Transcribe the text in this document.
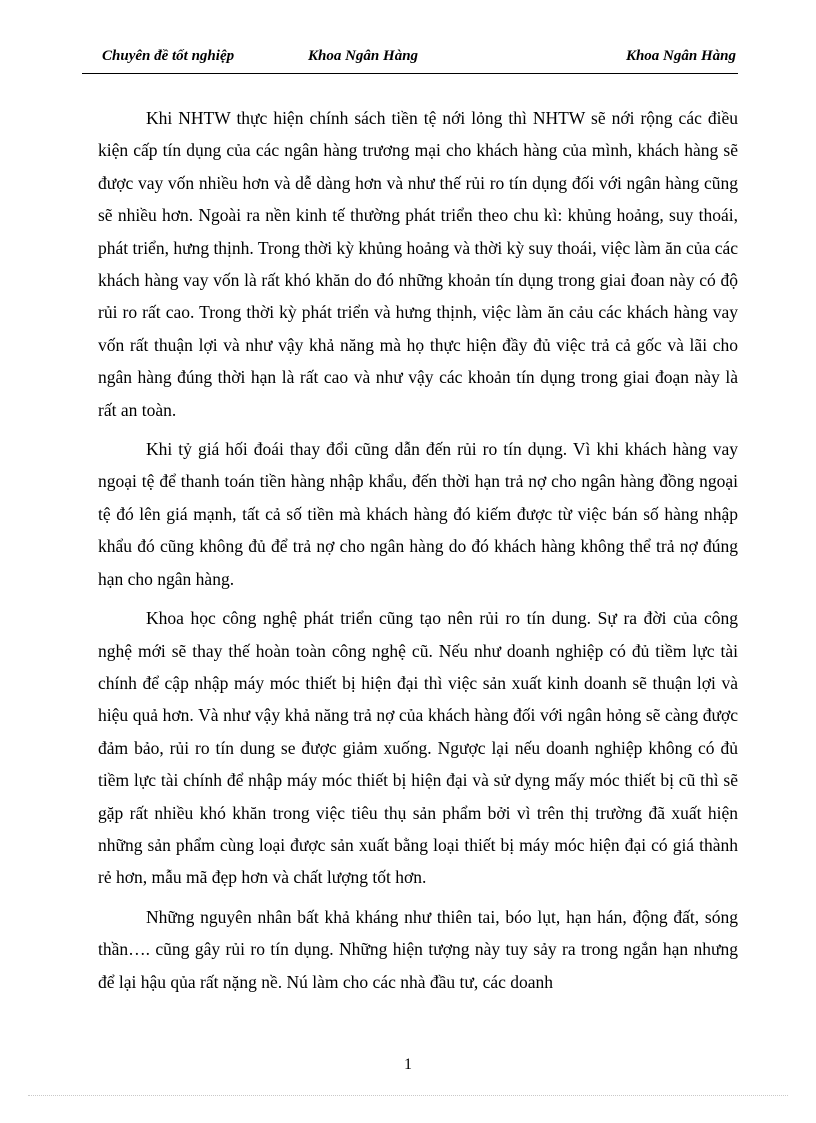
Chuyên đề tốt nghiệp	Khoa Ngân Hàng	Khoa Ngân Hàng

Khi NHTW thực hiện chính sách tiền tệ nới lỏng thì NHTW sẽ nới rộng các điều kiện cấp tín dụng của các ngân hàng trương mại cho khách hàng của mình, khách hàng sẽ được vay vốn nhiều hơn và dễ dàng hơn và như thế rủi ro tín dụng đối với ngân hàng cũng sẽ nhiều hơn. Ngoài ra nền kinh tế thường phát triển theo chu kì: khủng hoảng, suy thoái, phát triển, hưng thịnh. Trong thời kỳ khủng hoảng và thời kỳ suy thoái, việc làm ăn của các khách hàng vay vốn là rất khó khăn do đó những khoản tín dụng trong giai đoan này có độ rủi ro rất cao. Trong thời kỳ phát triển và hưng thịnh, việc làm ăn cảu các khách hàng vay vốn rất thuận lợi và như vậy khả năng mà họ thực hiện đầy đủ việc trả cả gốc và lãi cho ngân hàng đúng thời hạn là rất cao và như vậy các khoản tín dụng trong giai đoạn này là rất an toàn.

Khi tỷ giá hối đoái thay đổi cũng dẫn đến rủi ro tín dụng. Vì khi khách hàng vay ngoại tệ để thanh toán tiền hàng nhập khẩu, đến thời hạn trả nợ cho ngân hàng đồng ngoại tệ đó lên giá mạnh, tất cả số tiền mà khách hàng đó kiếm được từ việc bán số hàng nhập khẩu đó cũng không đủ để trả nợ cho ngân hàng do đó khách hàng không thể trả nợ đúng hạn cho ngân hàng.

Khoa học công nghệ phát triển cũng tạo nên rủi ro tín dung. Sự ra đời của công nghệ mới sẽ thay thế hoàn toàn công nghệ cũ. Nếu như doanh nghiệp có đủ tiềm lực tài chính để cập nhập máy móc thiết bị hiện đại thì việc sản xuất kinh doanh sẽ thuận lợi và hiệu quả hơn. Và như vậy khả năng trả nợ của khách hàng đối với ngân hỏng sẽ càng được đảm bảo, rủi ro tín dung se được giảm xuống. Ngược lại nếu doanh nghiệp không có đủ tiềm lực tài chính để nhập máy móc thiết bị hiện đại và sử dỵng mấy móc thiết bị cũ thì sẽ gặp rất nhiều khó khăn trong việc tiêu thụ sản phẩm bởi vì trên thị trường đã xuất hiện những sản phẩm cùng loại được sản xuất bằng loại thiết bị máy móc hiện đại có giá thành rẻ hơn, mẫu mã đẹp hơn và chất lượng tốt hơn.

Những nguyên nhân bất khả kháng như thiên tai, bóo lụt, hạn hán, động đất, sóng thần…. cũng gây rủi ro tín dụng. Những hiện tượng này tuy sảy ra trong ngắn hạn nhưng để lại hậu qủa rất nặng nề. Nú làm cho các nhà đầu tư, các doanh

1
